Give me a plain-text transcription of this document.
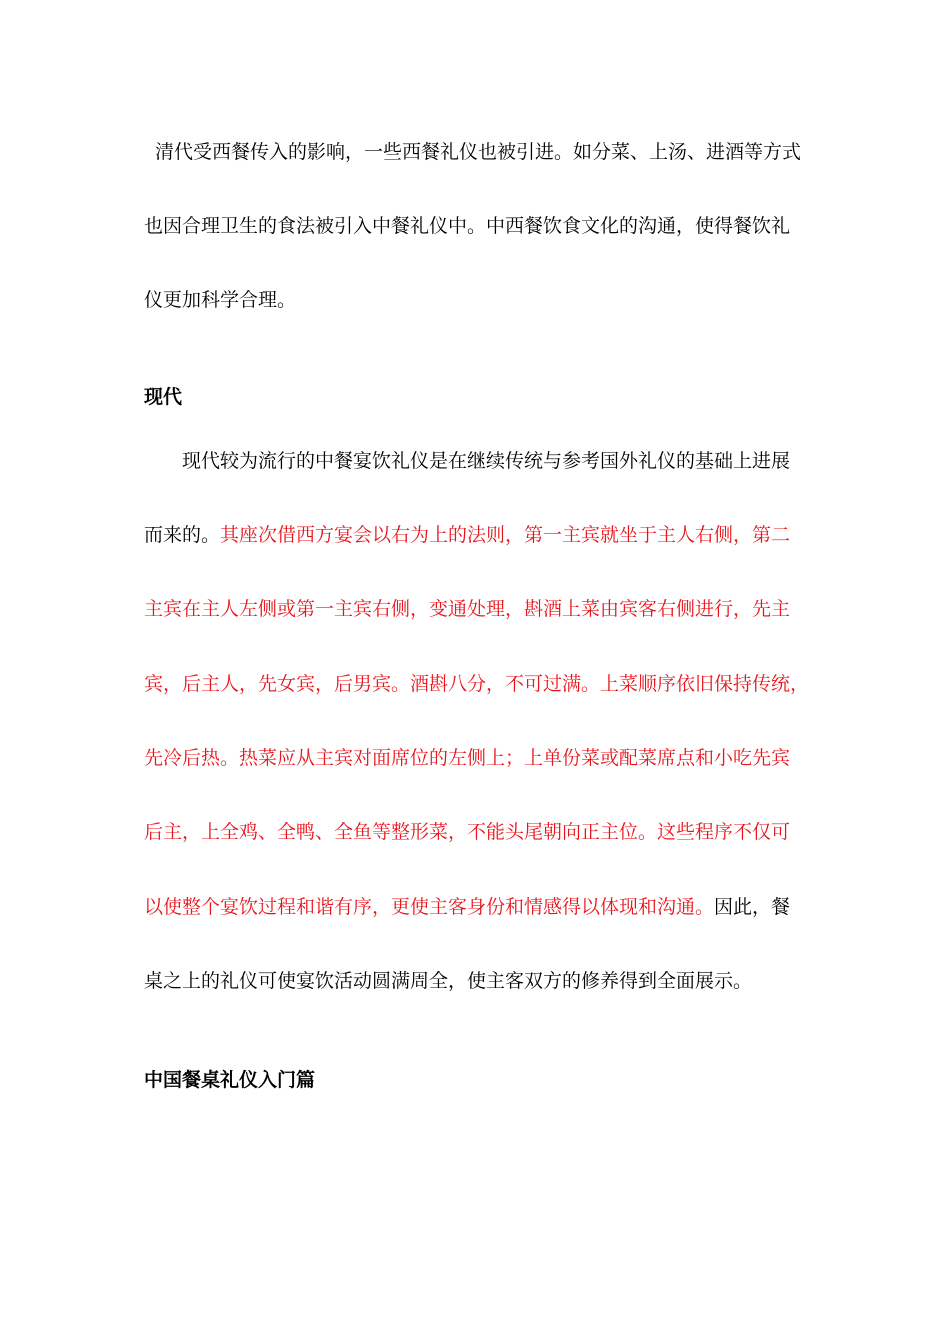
清代受西餐传入的影响，一些西餐礼仪也被引进。如分菜、上汤、进酒等方式
也因合理卫生的食法被引入中餐礼仪中。中西餐饮食文化的沟通，使得餐饮礼
仪更加科学合理。
现代
现代较为流行的中餐宴饮礼仪是在继续传统与参考国外礼仪的基础上进展
而来的。其座次借西方宴会以右为上的法则，第一主宾就坐于主人右侧，第二
主宾在主人左侧或第一主宾右侧，变通处理，斟酒上菜由宾客右侧进行，先主
宾，后主人，先女宾，后男宾。酒斟八分，不可过满。上菜顺序依旧保持传统，
先冷后热。热菜应从主宾对面席位的左侧上；上单份菜或配菜席点和小吃先宾
后主，上全鸡、全鸭、全鱼等整形菜，不能头尾朝向正主位。这些程序不仅可
以使整个宴饮过程和谐有序，更使主客身份和情感得以体现和沟通。因此，餐
桌之上的礼仪可使宴饮活动圆满周全，使主客双方的修养得到全面展示。
中国餐桌礼仪入门篇
